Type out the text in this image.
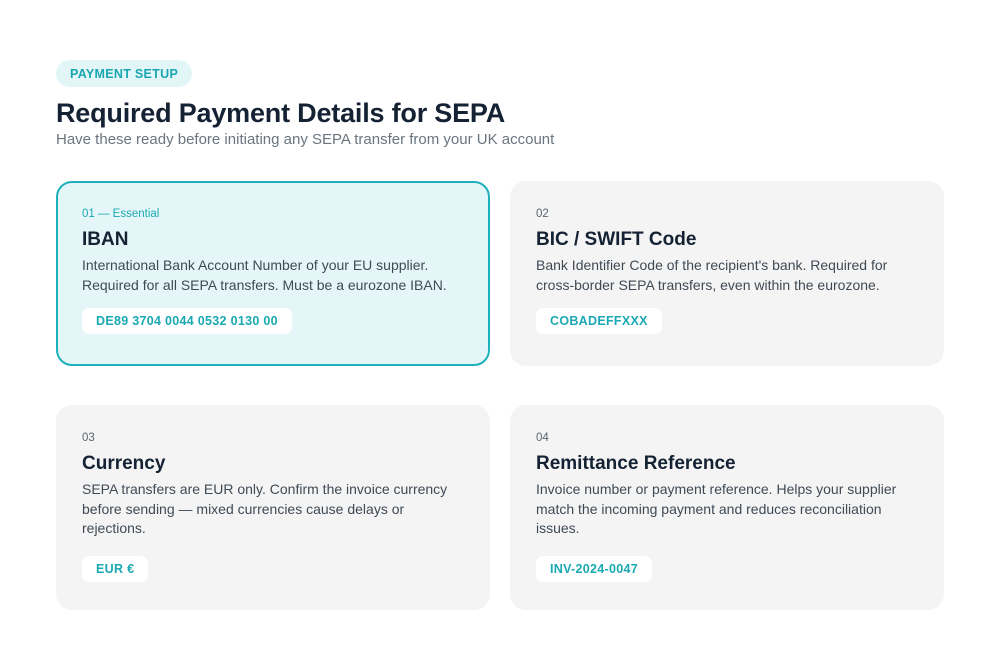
PAYMENT SETUP
Required Payment Details for SEPA

Have these ready before initiating any SEPA transfer from your UK account

01 — Essential
IBAN
International Bank Account Number of your EU supplier. Required for all SEPA transfers. Must be a eurozone IBAN.
DE89 3704 0044 0532 0130 00
02
BIC / SWIFT Code
Bank Identifier Code of the recipient's bank. Required for cross-border SEPA transfers, even within the eurozone.
COBADEFFXXX
03
Currency
SEPA transfers are EUR only. Confirm the invoice currency before sending — mixed currencies cause delays or rejections.
EUR €
04
Remittance Reference
Invoice number or payment reference. Helps your supplier match the incoming payment and reduces reconciliation issues.
INV-2024-0047
